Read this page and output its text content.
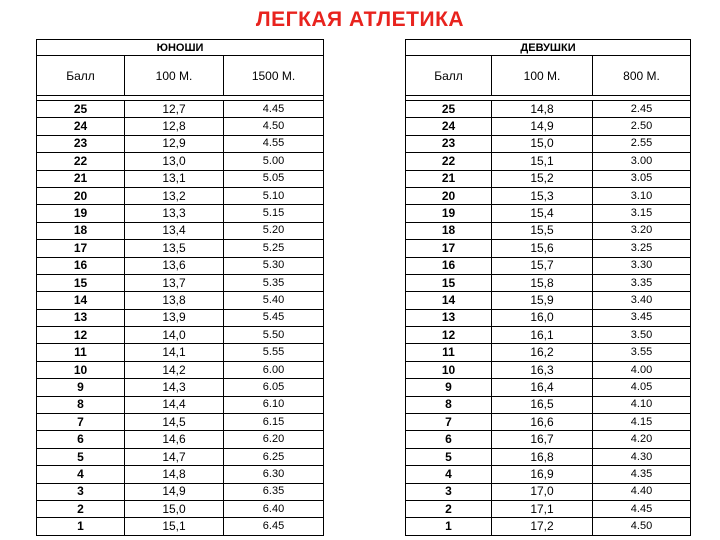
ЛЕГКАЯ АТЛЕТИКА
ЮНОШИ		
Балл	100 М.	1500 М.

25	12,7	4.45
24	12,8	4.50
23	12,9	4.55
22	13,0	5.00
21	13,1	5.05
20	13,2	5.10
19	13,3	5.15
18	13,4	5.20
17	13,5	5.25
16	13,6	5.30
15	13,7	5.35
14	13,8	5.40
13	13,9	5.45
12	14,0	5.50
11	14,1	5.55
10	14,2	6.00
9	14,3	6.05
8	14,4	6.10
7	14,5	6.15
6	14,6	6.20
5	14,7	6.25
4	14,8	6.30
3	14,9	6.35
2	15,0	6.40
1	15,1	6.45
ДЕВУШКИ		
Балл	100 М.	800 М.

25	14,8	2.45
24	14,9	2.50
23	15,0	2.55
22	15,1	3.00
21	15,2	3.05
20	15,3	3.10
19	15,4	3.15
18	15,5	3.20
17	15,6	3.25
16	15,7	3.30
15	15,8	3.35
14	15,9	3.40
13	16,0	3.45
12	16,1	3.50
11	16,2	3.55
10	16,3	4.00
9	16,4	4.05
8	16,5	4.10
7	16,6	4.15
6	16,7	4.20
5	16,8	4.30
4	16,9	4.35
3	17,0	4.40
2	17,1	4.45
1	17,2	4.50
